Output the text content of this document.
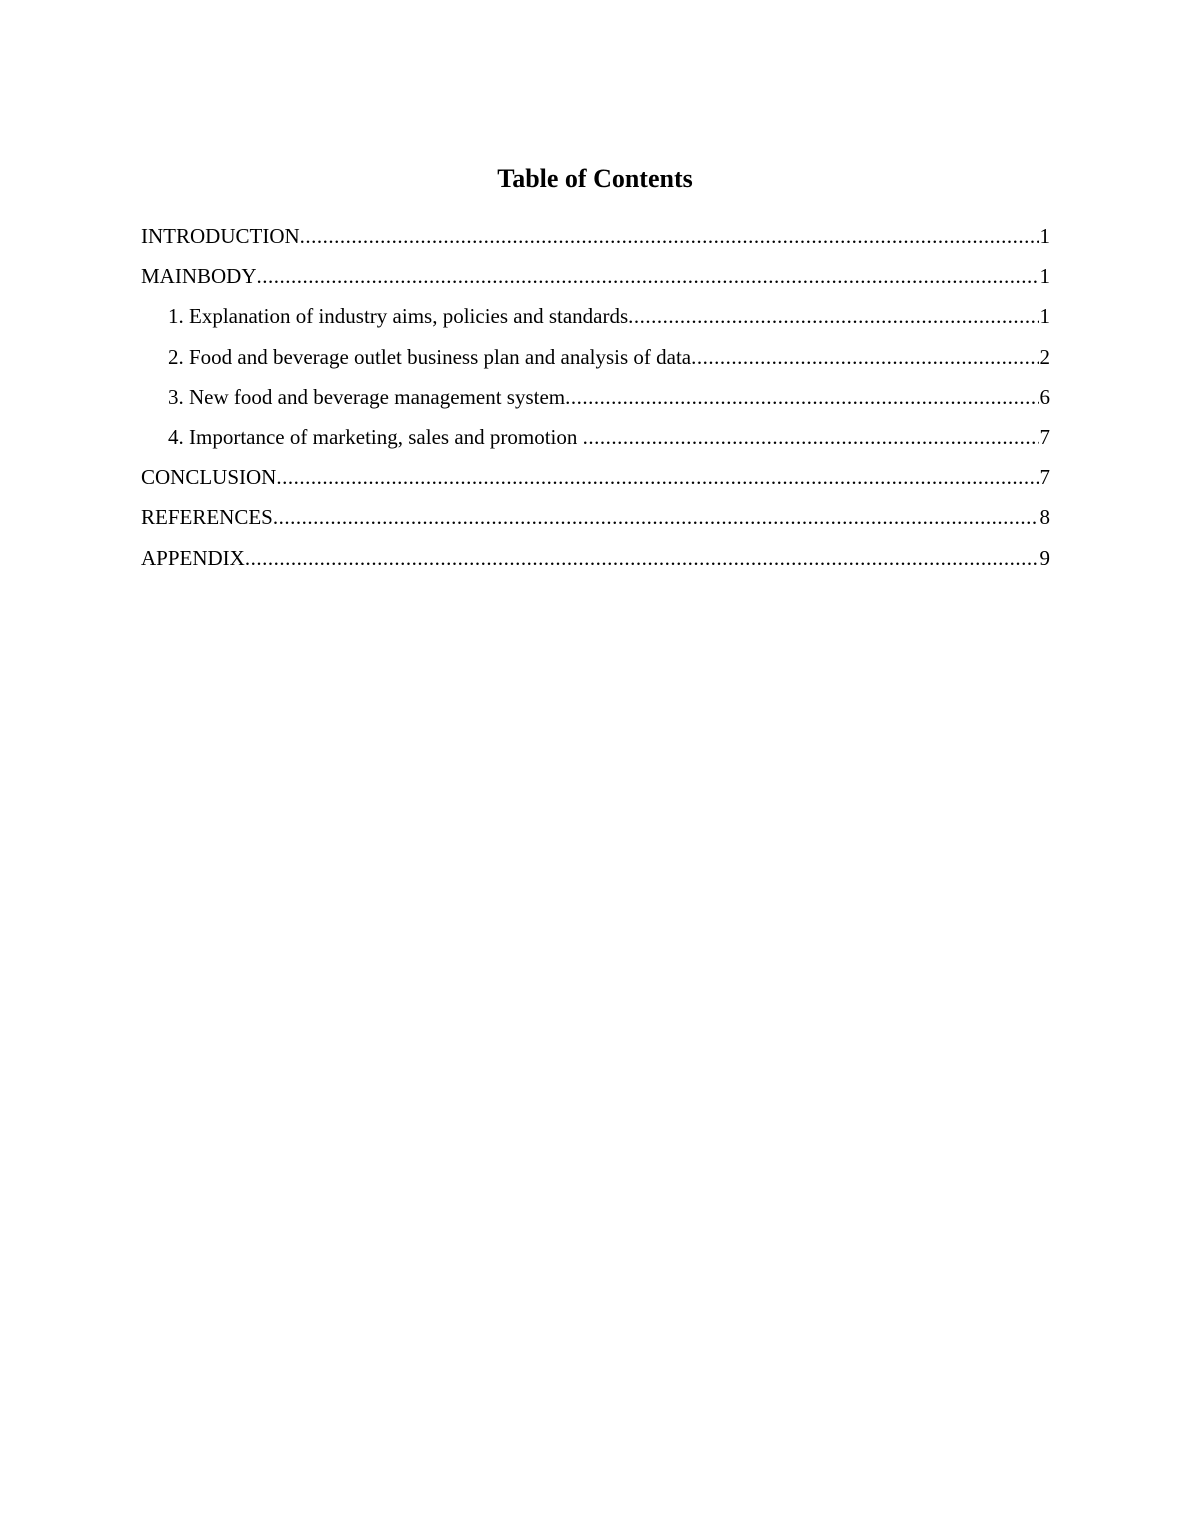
Table of Contents
INTRODUCTION .....	1
MAINBODY .....	1
1. Explanation of industry aims, policies and standards .....	1
2. Food and beverage outlet business plan and analysis of data .....	2
3. New food and beverage management system .....	6
4. Importance of marketing, sales and promotion .....	7
CONCLUSION .....	7
REFERENCES .....	8
APPENDIX .....	9
